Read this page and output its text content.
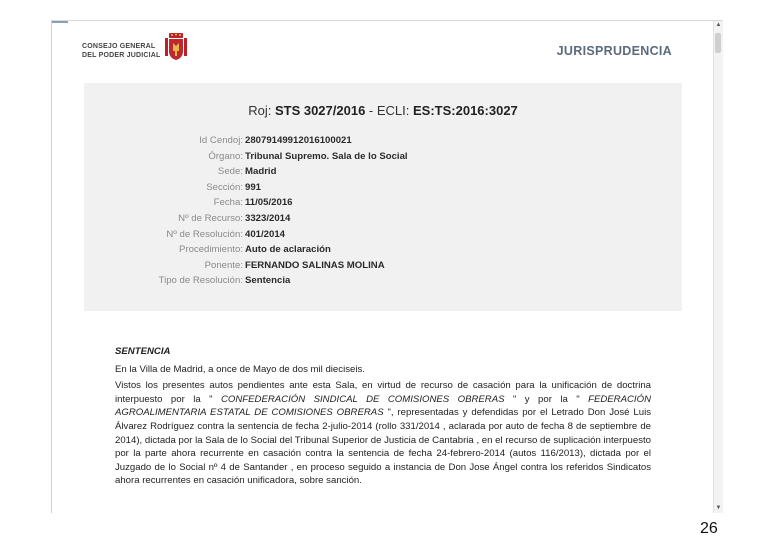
CONSEJO GENERAL
DEL PODER JUDICIAL	JURISPRUDENCIA
Roj: STS 3027/2016 - ECLI: ES:TS:2016:3027
Id Cendoj: 28079149912016100021
Órgano: Tribunal Supremo. Sala de lo Social
Sede: Madrid
Sección: 991
Fecha: 11/05/2016
Nº de Recurso: 3323/2014
Nº de Resolución: 401/2014
Procedimiento: Auto de aclaración
Ponente: FERNANDO SALINAS MOLINA
Tipo de Resolución: Sentencia
SENTENCIA

En la Villa de Madrid, a once de Mayo de dos mil dieciseis.

Vistos los presentes autos pendientes ante esta Sala, en virtud de recurso de casación para la unificación de doctrina interpuesto por la " CONFEDERACIÓN SINDICAL DE COMISIONES OBRERAS " y por la " FEDERACIÓN AGROALIMENTARIA ESTATAL DE COMISIONES OBRERAS ", representadas y defendidas por el Letrado Don José Luis Álvarez Rodríguez contra la sentencia de fecha 2-julio-2014 (rollo 331/2014 , aclarada por auto de fecha 8 de septiembre de 2014), dictada por la Sala de lo Social del Tribunal Superior de Justicia de Cantabria , en el recurso de suplicación interpuesto por la parte ahora recurrente en casación contra la sentencia de fecha 24-febrero-2014 (autos 116/2013), dictada por el Juzgado de lo Social nº 4 de Santander , en proceso seguido a instancia de Don Jose Ángel contra los referidos Sindicatos ahora recurrentes en casación unificadora, sobre sanción.

▲
▼
26
